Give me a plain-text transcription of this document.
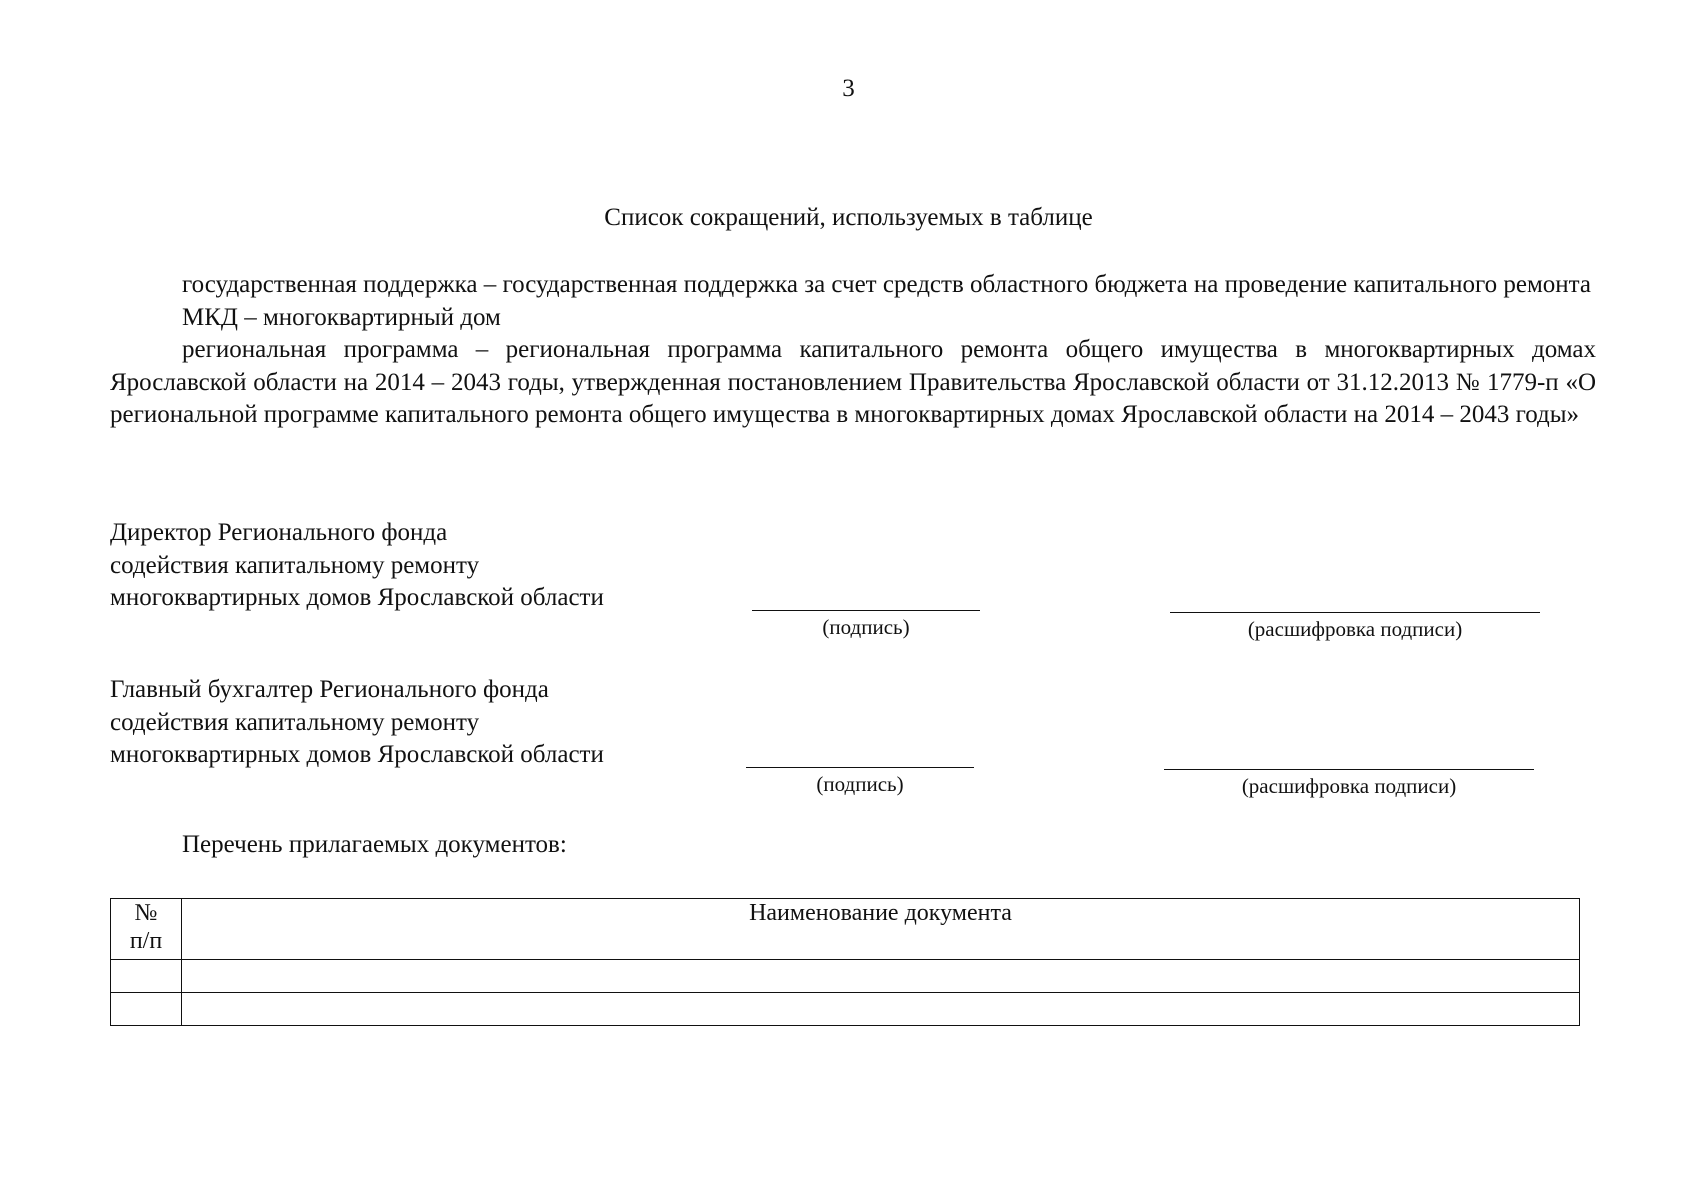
3
Список сокращений, используемых в таблице

государственная поддержка – государственная поддержка за счет средств областного бюджета на проведение капитального ремонта

МКД – многоквартирный дом

региональная программа – региональная программа капитального ремонта общего имущества в многоквартирных домах Ярославской области на 2014 – 2043 годы, утвержденная постановлением Правительства Ярославской области от 31.12.2013 № 1779-п «О региональной программе капитального ремонта общего имущества в многоквартирных домах Ярославской области на 2014 – 2043 годы»

Директор Регионального фонда
содействия капитальному ремонту
многоквартирных домов Ярославской области
(подпись)	(расшифровка подписи)
Главный бухгалтер Регионального фонда
содействия капитальному ремонту
многоквартирных домов Ярославской области
(подпись)	(расшифровка подписи)
Перечень прилагаемых документов:
№
п/п	Наименование документа
